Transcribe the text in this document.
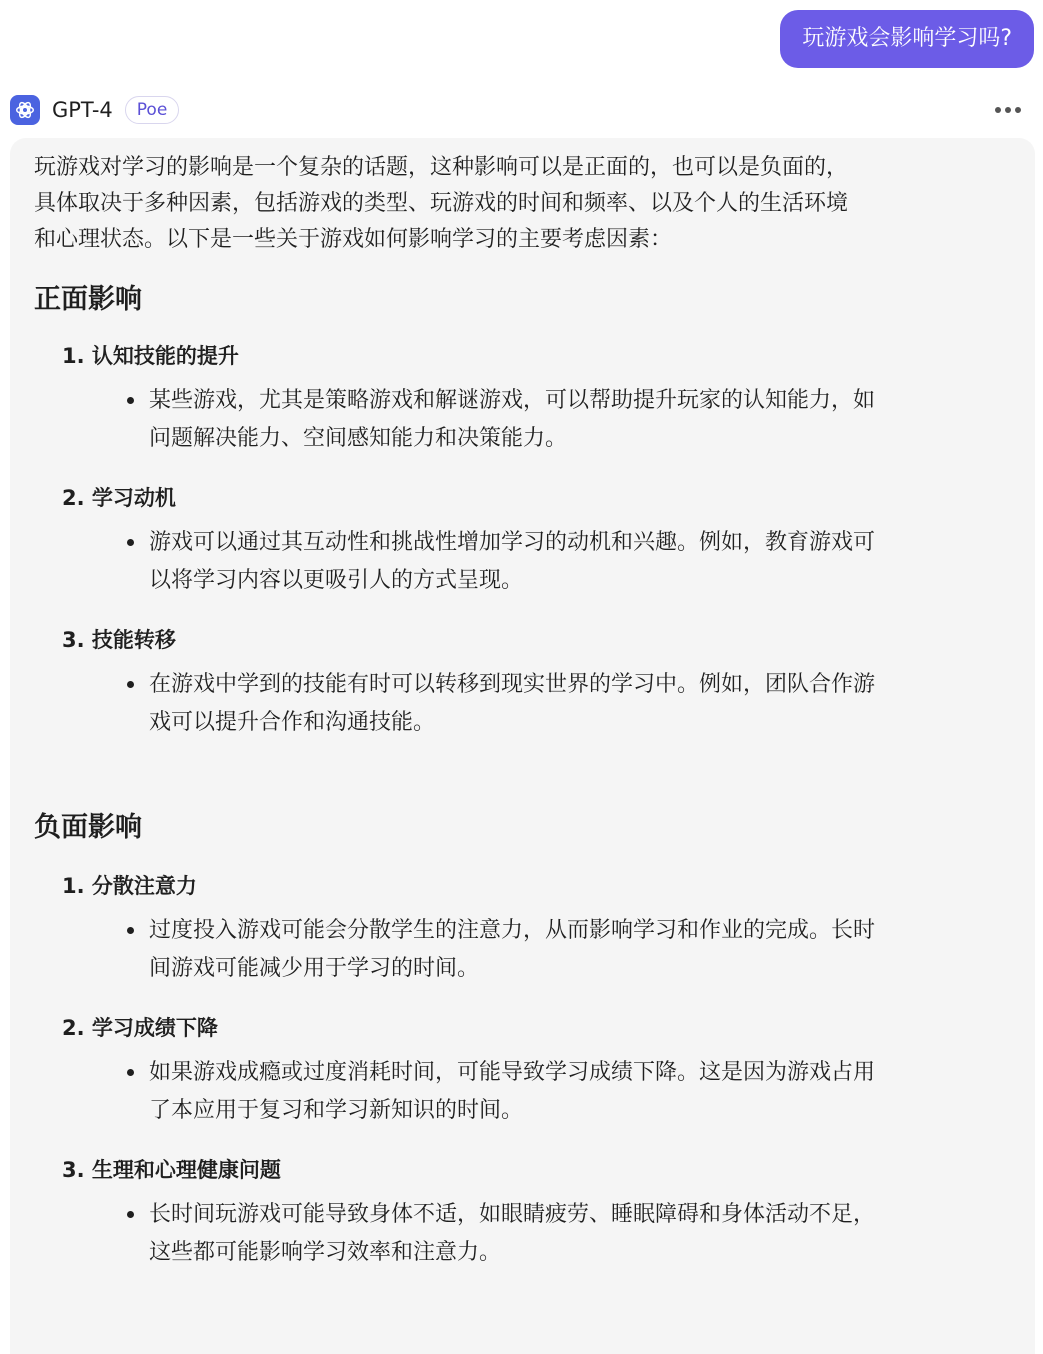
玩游戏会影响学习吗?
GPT-4	Poe

玩游戏对学习的影响是一个复杂的话题，这种影响可以是正面的，也可以是负面的，

具体取决于多种因素，包括游戏的类型、玩游戏的时间和频率、以及个人的生活环境

和心理状态。以下是一些关于游戏如何影响学习的主要考虑因素：

正面影响

1. 认知技能的提升

某些游戏，尤其是策略游戏和解谜游戏，可以帮助提升玩家的认知能力，如

问题解决能力、空间感知能力和决策能力。

2. 学习动机

游戏可以通过其互动性和挑战性增加学习的动机和兴趣。例如，教育游戏可

以将学习内容以更吸引人的方式呈现。

3. 技能转移

在游戏中学到的技能有时可以转移到现实世界的学习中。例如，团队合作游

戏可以提升合作和沟通技能。

负面影响

1. 分散注意力

过度投入游戏可能会分散学生的注意力，从而影响学习和作业的完成。长时

间游戏可能减少用于学习的时间。

2. 学习成绩下降

如果游戏成瘾或过度消耗时间，可能导致学习成绩下降。这是因为游戏占用

了本应用于复习和学习新知识的时间。

3. 生理和心理健康问题

长时间玩游戏可能导致身体不适，如眼睛疲劳、睡眠障碍和身体活动不足，

这些都可能影响学习效率和注意力。
